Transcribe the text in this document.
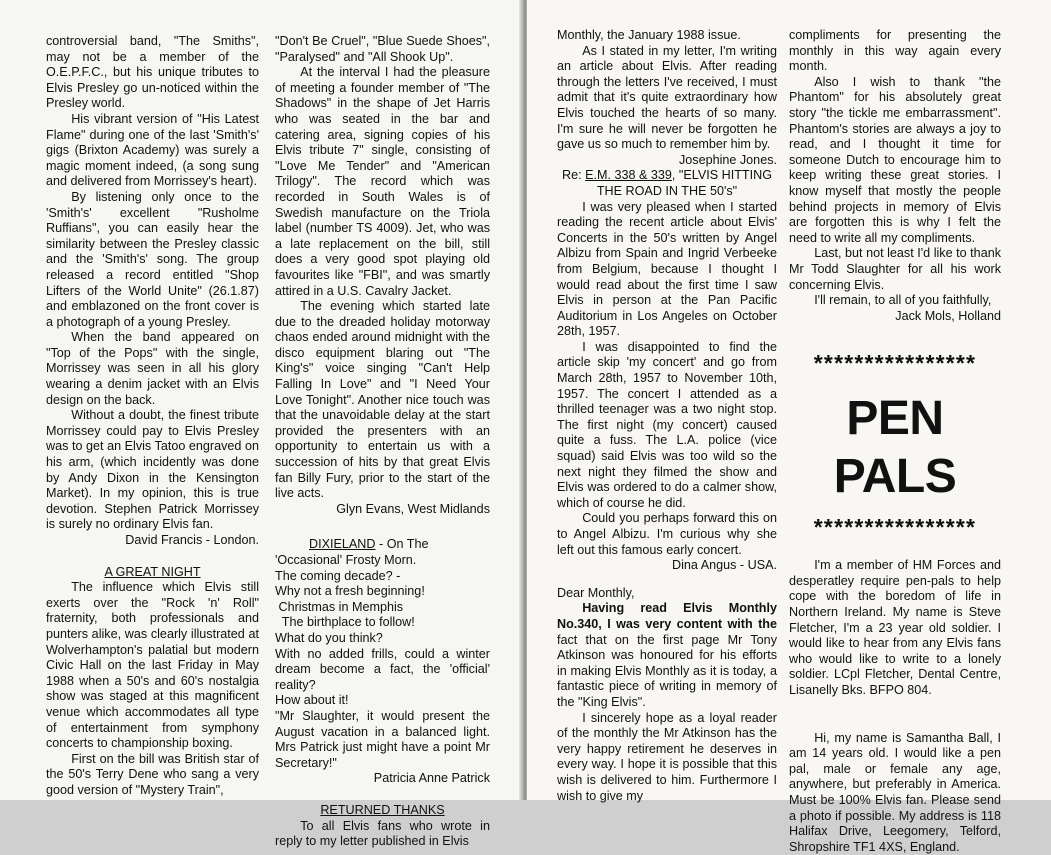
controversial band, "The Smiths", may not be a member of the O.E.P.F.C., but his unique tributes to Elvis Presley go un-noticed within the Presley world.

His vibrant version of "His Latest Flame" during one of the last 'Smith's' gigs (Brixton Academy) was surely a magic moment indeed, (a song sung and delivered from Morrissey's heart).

By listening only once to the 'Smith's' excellent "Rusholme Ruffians", you can easily hear the similarity between the Presley classic and the 'Smith's' song. The group released a record entitled "Shop Lifters of the World Unite" (26.1.87) and emblazoned on the front cover is a photograph of a young Presley.

When the band appeared on "Top of the Pops" with the single, Morrissey was seen in all his glory wearing a denim jacket with an Elvis design on the back.

Without a doubt, the finest tribute Morrissey could pay to Elvis Presley was to get an Elvis Tatoo engraved on his arm, (which incidently was done by Andy Dixon in the Kensington Market). In my opinion, this is true devotion. Stephen Patrick Morrissey is surely no ordinary Elvis fan.

David Francis - London.

A GREAT NIGHT

The influence which Elvis still exerts over the "Rock 'n' Roll" fraternity, both professionals and punters alike, was clearly illustrated at Wolverhampton's palatial but modern Civic Hall on the last Friday in May 1988 when a 50's and 60's nostalgia show was staged at this magnificent venue which accommodates all type of entertainment from symphony concerts to championship boxing.

First on the bill was British star of the 50's Terry Dene who sang a very good version of "Mystery Train",

"Don't Be Cruel", "Blue Suede Shoes", "Paralysed" and "All Shook Up".

At the interval I had the pleasure of meeting a founder member of "The Shadows" in the shape of Jet Harris who was seated in the bar and catering area, signing copies of his Elvis tribute 7" single, consisting of "Love Me Tender" and "American Trilogy". The record which was recorded in South Wales is of Swedish manufacture on the Triola label (number TS 4009). Jet, who was a late replacement on the bill, still does a very good spot playing old favourites like "FBI", and was smartly attired in a U.S. Cavalry Jacket.

The evening which started late due to the dreaded holiday motorway chaos ended around midnight with the disco equipment blaring out "The King's" voice singing "Can't Help Falling In Love" and "I Need Your Love Tonight". Another nice touch was that the unavoidable delay at the start provided the presenters with an opportunity to entertain us with a succession of hits by that great Elvis fan Billy Fury, prior to the start of the live acts.

Glyn Evans, West Midlands

DIXIELAND - On The

'Occasional' Frosty Morn.
The coming decade? -
Why not a fresh beginning!
Christmas in Memphis
The birthplace to follow!
What do you think?

With no added frills, could a winter dream become a fact, the 'official' reality?

How about it!

"Mr Slaughter, it would present the August vacation in a balanced light. Mrs Patrick just might have a point Mr Secretary!"

Patricia Anne Patrick

RETURNED THANKS

To all Elvis fans who wrote in reply to my letter published in Elvis

Monthly, the January 1988 issue.

As I stated in my letter, I'm writing an article about Elvis. After reading through the letters I've received, I must admit that it's quite extraordinary how Elvis touched the hearts of so many. I'm sure he will never be forgotten he gave us so much to remember him by.

Josephine Jones.

Re: E.M. 338 & 339, "ELVIS HITTING THE ROAD IN THE 50's"

I was very pleased when I started reading the recent article about Elvis' Concerts in the 50's written by Angel Albizu from Spain and Ingrid Verbeeke from Belgium, because I thought I would read about the first time I saw Elvis in person at the Pan Pacific Auditorium in Los Angeles on October 28th, 1957.

I was disappointed to find the article skip 'my concert' and go from March 28th, 1957 to November 10th, 1957. The concert I attended as a thrilled teenager was a two night stop. The first night (my concert) caused quite a fuss. The L.A. police (vice squad) said Elvis was too wild so the next night they filmed the show and Elvis was ordered to do a calmer show, which of course he did.

Could you perhaps forward this on to Angel Albizu. I'm curious why she left out this famous early concert.

Dina Angus - USA.

Dear Monthly,

Having read Elvis Monthly No.340, I was very content with the fact that on the first page Mr Tony Atkinson was honoured for his efforts in making Elvis Monthly as it is today, a fantastic piece of writing in memory of the "King Elvis".

I sincerely hope as a loyal reader of the monthly the Mr Atkinson has the very happy retirement he deserves in every way. I hope it is possible that this wish is delivered to him. Furthermore I wish to give my

compliments for presenting the monthly in this way again every month.

Also I wish to thank "the Phantom" for his absolutely great story "the tickle me embarrassment". Phantom's stories are always a joy to read, and I thought it time for someone Dutch to encourage him to keep writing these great stories. I know myself that mostly the people behind projects in memory of Elvis are forgotten this is why I felt the need to write all my compliments.

Last, but not least I'd like to thank Mr Todd Slaughter for all his work concerning Elvis.

I'll remain, to all of you faithfully,

Jack Mols, Holland

****************
PEN PALS
****************

I'm a member of HM Forces and desperatley require pen-pals to help cope with the boredom of life in Northern Ireland. My name is Steve Fletcher, I'm a 23 year old soldier. I would like to hear from any Elvis fans who would like to write to a lonely soldier. LCpl Fletcher, Dental Centre, Lisanelly Bks. BFPO 804.

Hi, my name is Samantha Ball, I am 14 years old. I would like a pen pal, male or female any age, anywhere, but preferably in America. Must be 100% Elvis fan. Please send a photo if possible. My address is 118 Halifax Drive, Leegomery, Telford, Shropshire TF1 4XS, England.
